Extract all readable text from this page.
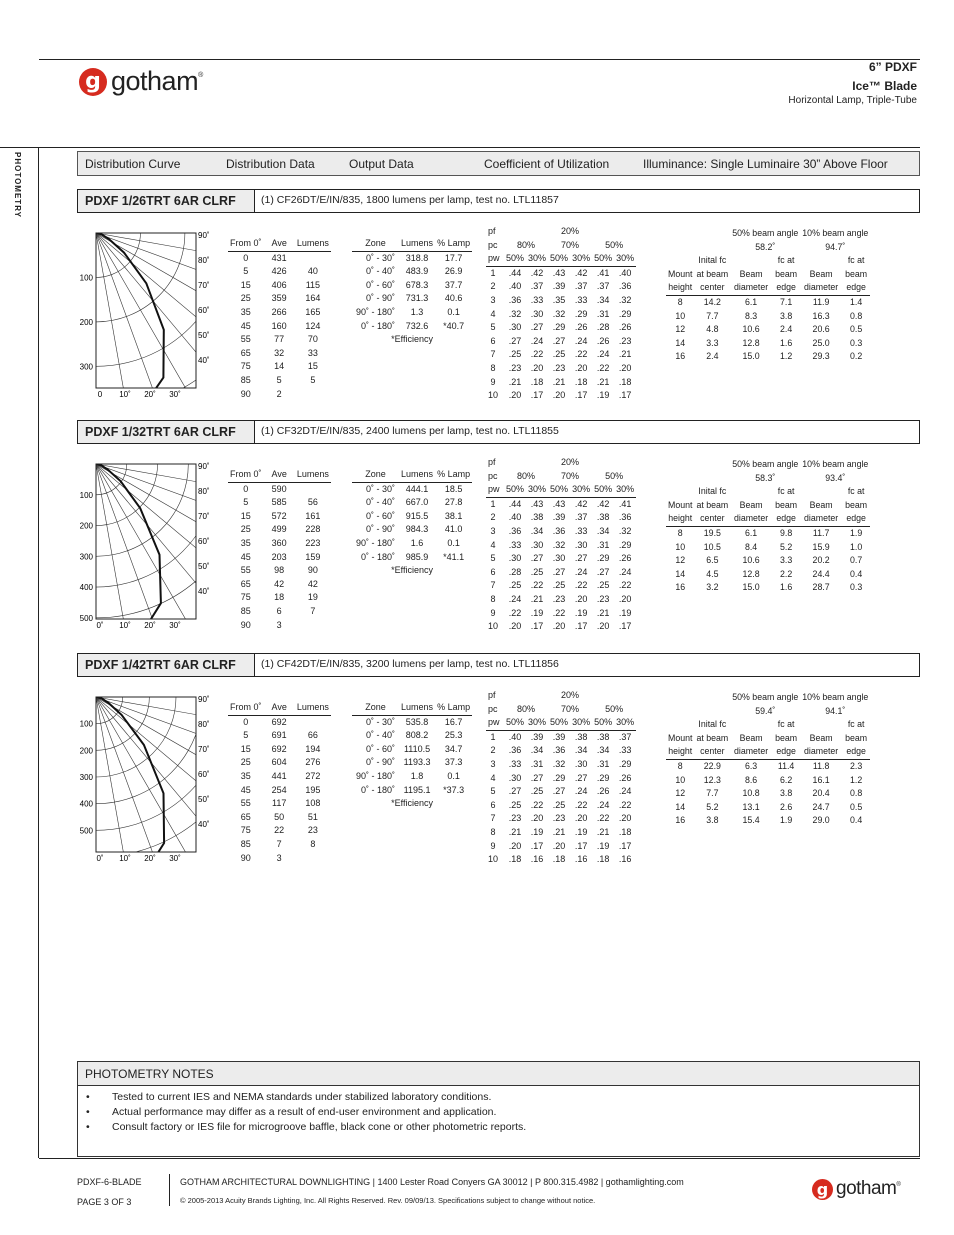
g gotham ®
6” PDXF
Ice™ Blade
Horizontal Lamp, Triple-Tube
PHOTOMETRY	Distribution Curve	Distribution Data	Output Data	Coefficient of Utilization	Illuminance: Single Luminaire 30” Above Floor
PDXF 1/26TRT 6AR CLRF	(1) CF26DT/E/IN/835, 1800 lumens per lamp, test no. LTL11857
100
200
300
90˚
80˚
70˚
60˚
50˚
40˚
0 10˚ 20˚ 30˚
From 0˚	Ave	Lumens
0	431	
5	426	40
15	406	115
25	359	164
35	266	165
45	160	124
55	77	70
65	32	33
75	14	15
85	5	5
90	2	
Zone	Lumens	% Lamp
0˚ - 30˚	318.8	17.7
0˚ - 40˚	483.9	26.9
0˚ - 60˚	678.3	37.7
0˚ - 90˚	731.3	40.6
90˚ - 180˚	1.3	0.1
0˚ - 180˚	732.6	*40.7
*Efficiency		
pf			20%			
pc	80%		70%		50%	
pw	50%	30%	50%	30%	50%	30%
1	.44	.42	.43	.42	.41	.40
2	.40	.37	.39	.37	.37	.36
3	.36	.33	.35	.33	.34	.32
4	.32	.30	.32	.29	.31	.29
5	.30	.27	.29	.26	.28	.26
6	.27	.24	.27	.24	.26	.23
7	.25	.22	.25	.22	.24	.21
8	.23	.20	.23	.20	.22	.20
9	.21	.18	.21	.18	.21	.18
10	.20	.17	.20	.17	.19	.17
		50% beam angle		10% beam angle	
		58.2˚		94.7˚	
	Inital fc		fc at		fc at
Mount	at beam	Beam	beam	Beam	beam
height	center	diameter	edge	diameter	edge
8	14.2	6.1	7.1	11.9	1.4
10	7.7	8.3	3.8	16.3	0.8
12	4.8	10.6	2.4	20.6	0.5
14	3.3	12.8	1.6	25.0	0.3
16	2.4	15.0	1.2	29.3	0.2
PDXF 1/32TRT 6AR CLRF	(1) CF32DT/E/IN/835, 2400 lumens per lamp, test no. LTL11855
100
200
300
400
500
90˚
80˚
70˚
60˚
50˚
40˚
0˚ 10˚ 20˚ 30˚
From 0˚	Ave	Lumens
0	590	
5	585	56
15	572	161
25	499	228
35	360	223
45	203	159
55	98	90
65	42	42
75	18	19
85	6	7
90	3	
Zone	Lumens	% Lamp
0˚ - 30˚	444.1	18.5
0˚ - 40˚	667.0	27.8
0˚ - 60˚	915.5	38.1
0˚ - 90˚	984.3	41.0
90˚ - 180˚	1.6	0.1
0˚ - 180˚	985.9	*41.1
*Efficiency		
pf			20%			
pc	80%		70%		50%	
pw	50%	30%	50%	30%	50%	30%
1	.44	.43	.43	.42	.42	.41
2	.40	.38	.39	.37	.38	.36
3	.36	.34	.36	.33	.34	.32
4	.33	.30	.32	.30	.31	.29
5	.30	.27	.30	.27	.29	.26
6	.28	.25	.27	.24	.27	.24
7	.25	.22	.25	.22	.25	.22
8	.24	.21	.23	.20	.23	.20
9	.22	.19	.22	.19	.21	.19
10	.20	.17	.20	.17	.20	.17
		50% beam angle		10% beam angle	
		58.3˚		93.4˚	
	Inital fc		fc at		fc at
Mount	at beam	Beam	beam	Beam	beam
height	center	diameter	edge	diameter	edge
8	19.5	6.1	9.8	11.7	1.9
10	10.5	8.4	5.2	15.9	1.0
12	6.5	10.6	3.3	20.2	0.7
14	4.5	12.8	2.2	24.4	0.4
16	3.2	15.0	1.6	28.7	0.3
PDXF 1/42TRT 6AR CLRF	(1) CF42DT/E/IN/835, 3200 lumens per lamp, test no. LTL11856
100
200
300
400
500
90˚
80˚
70˚
60˚
50˚
40˚
0˚ 10˚ 20˚ 30˚
From 0˚	Ave	Lumens
0	692	
5	691	66
15	692	194
25	604	276
35	441	272
45	254	195
55	117	108
65	50	51
75	22	23
85	7	8
90	3	
Zone	Lumens	% Lamp
0˚ - 30˚	535.8	16.7
0˚ - 40˚	808.2	25.3
0˚ - 60˚	1110.5	34.7
0˚ - 90˚	1193.3	37.3
90˚ - 180˚	1.8	0.1
0˚ - 180˚	1195.1	*37.3
*Efficiency		
pf			20%			
pc	80%		70%		50%	
pw	50%	30%	50%	30%	50%	30%
1	.40	.39	.39	.38	.38	.37
2	.36	.34	.36	.34	.34	.33
3	.33	.31	.32	.30	.31	.29
4	.30	.27	.29	.27	.29	.26
5	.27	.25	.27	.24	.26	.24
6	.25	.22	.25	.22	.24	.22
7	.23	.20	.23	.20	.22	.20
8	.21	.19	.21	.19	.21	.18
9	.20	.17	.20	.17	.19	.17
10	.18	.16	.18	.16	.18	.16
		50% beam angle		10% beam angle	
		59.4˚		94.1˚	
	Inital fc		fc at		fc at
Mount	at beam	Beam	beam	Beam	beam
height	center	diameter	edge	diameter	edge
8	22.9	6.3	11.4	11.8	2.3
10	12.3	8.6	6.2	16.1	1.2
12	7.7	10.8	3.8	20.4	0.8
14	5.2	13.1	2.6	24.7	0.5
16	3.8	15.4	1.9	29.0	0.4
PHOTOMETRY NOTES
• Tested to current IES and NEMA standards under stabilized laboratory conditions.
• Actual performance may differ as a result of end-user environment and application.
• Consult factory or IES file for microgroove baffle, black cone or other photometric reports.
PDXF-6-BLADE
PAGE 3 OF 3
GOTHAM ARCHITECTURAL DOWNLIGHTING | 1400 Lester Road Conyers GA 30012 | P 800.315.4982 | gothamlighting.com
© 2005-2013 Acuity Brands Lighting, Inc. All Rights Reserved. Rev. 09/09/13. Specifications subject to change without notice.
g gotham ®
